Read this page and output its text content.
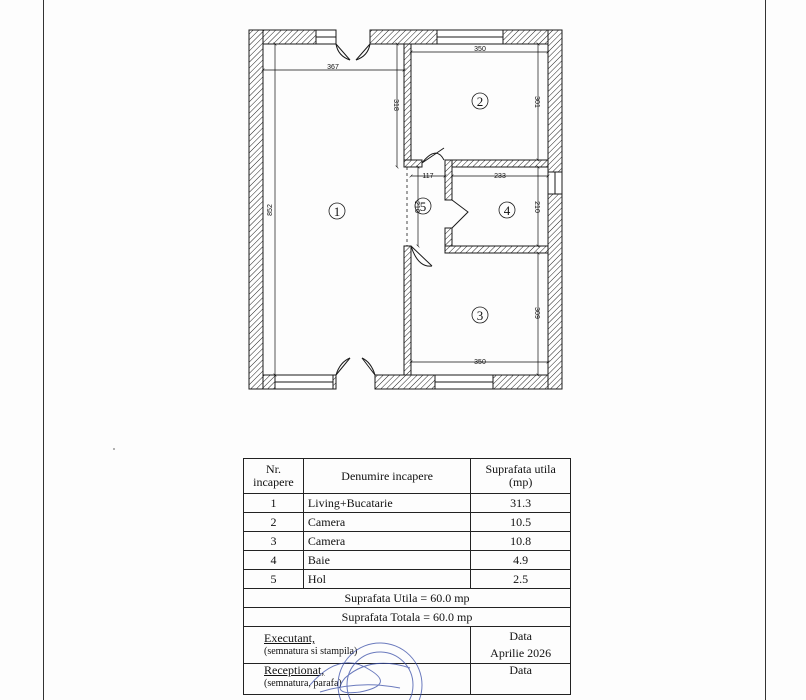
367
852
318
350
301
117	233
210	210
350
309
1
2
3
4
5
Nr. incapere	Denumire incapere	Suprafata utila (mp)
1	Living+Bucatarie	31.3
2	Camera	10.5
3	Camera	10.8
4	Baie	4.9
5	Hol	2.5
Suprafata Utila = 60.0 mp		
Suprafata Totala = 60.0 mp		

Executant,
(semnatura si stampila)		Data
Aprilie 2026

Receptionat,
(semnatura, parafa)		Data
